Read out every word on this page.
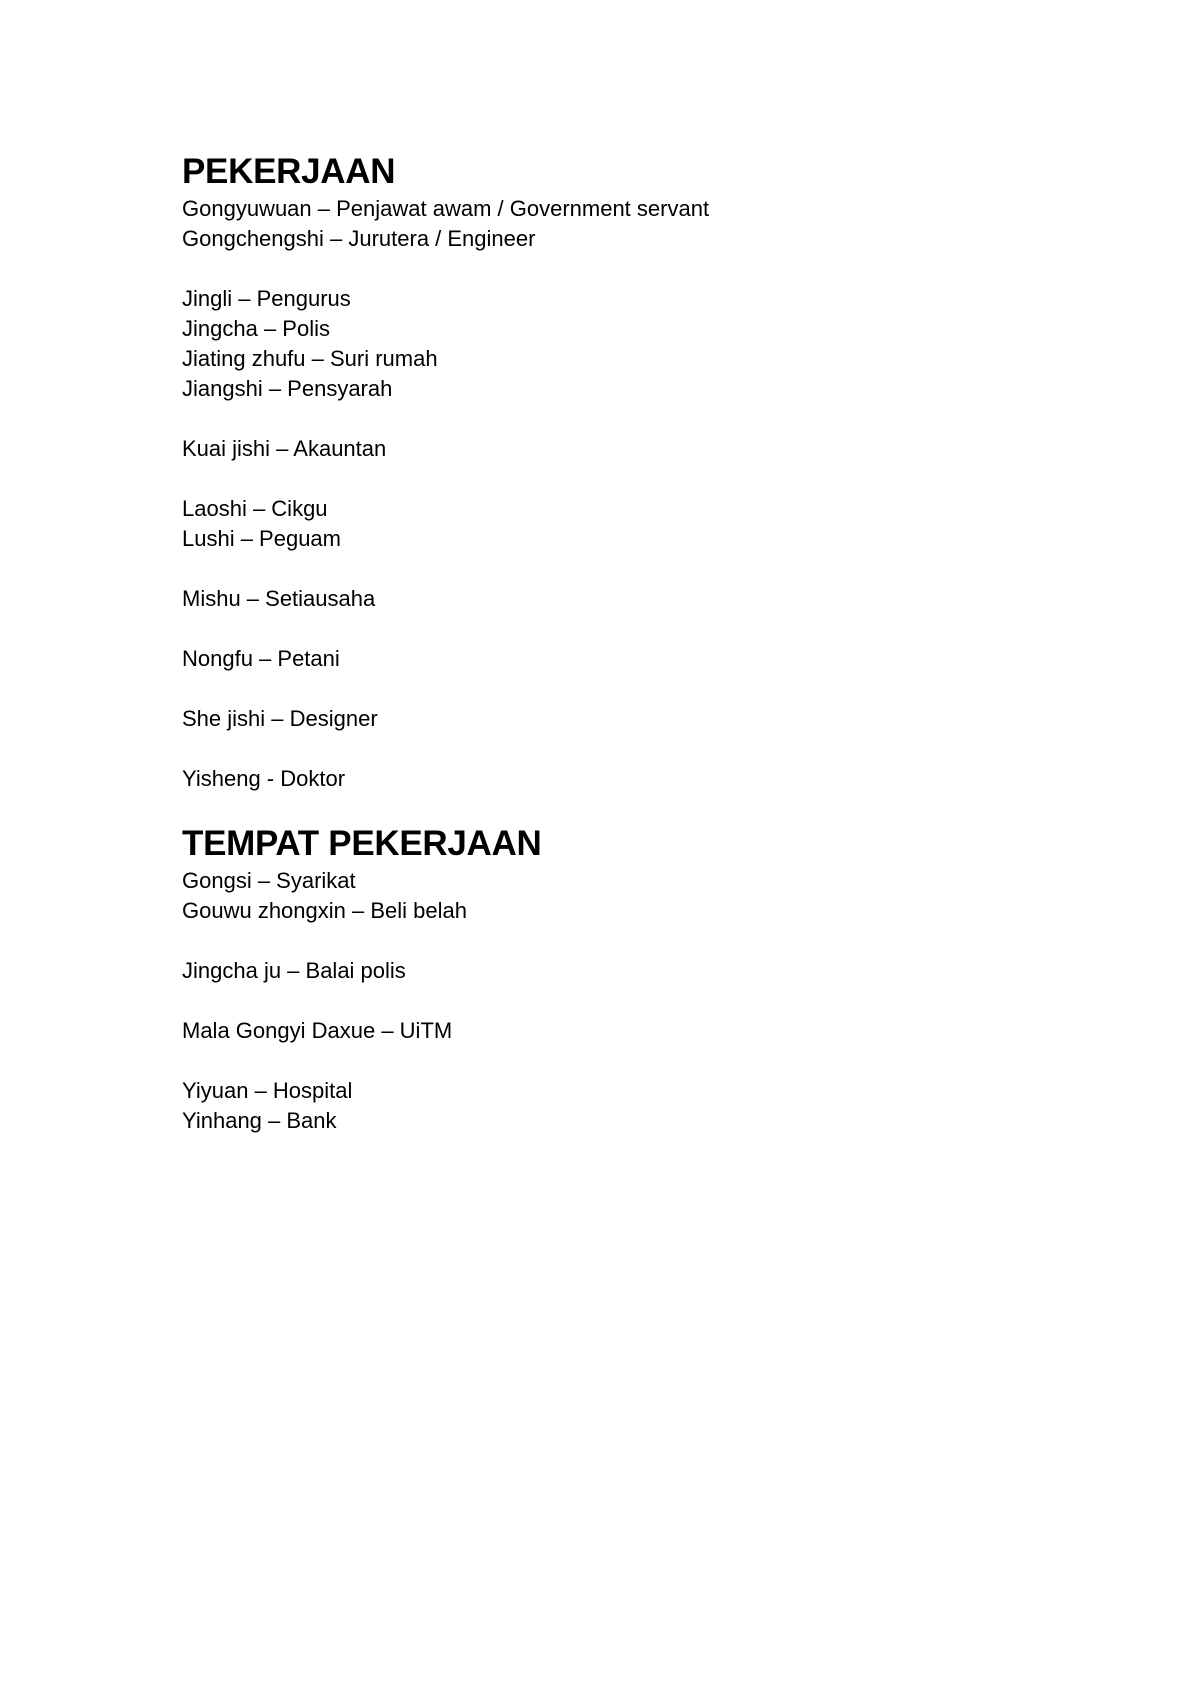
PEKERJAAN
Gongyuwuan – Penjawat awam / Government servant
Gongchengshi – Jurutera / Engineer
Jingli – Pengurus
Jingcha – Polis
Jiating zhufu – Suri rumah
Jiangshi – Pensyarah
Kuai jishi – Akauntan
Laoshi – Cikgu
Lushi – Peguam
Mishu – Setiausaha
Nongfu – Petani
She jishi – Designer
Yisheng - Doktor
TEMPAT PEKERJAAN
Gongsi – Syarikat
Gouwu zhongxin – Beli belah
Jingcha ju – Balai polis
Mala Gongyi Daxue – UiTM
Yiyuan – Hospital
Yinhang – Bank
